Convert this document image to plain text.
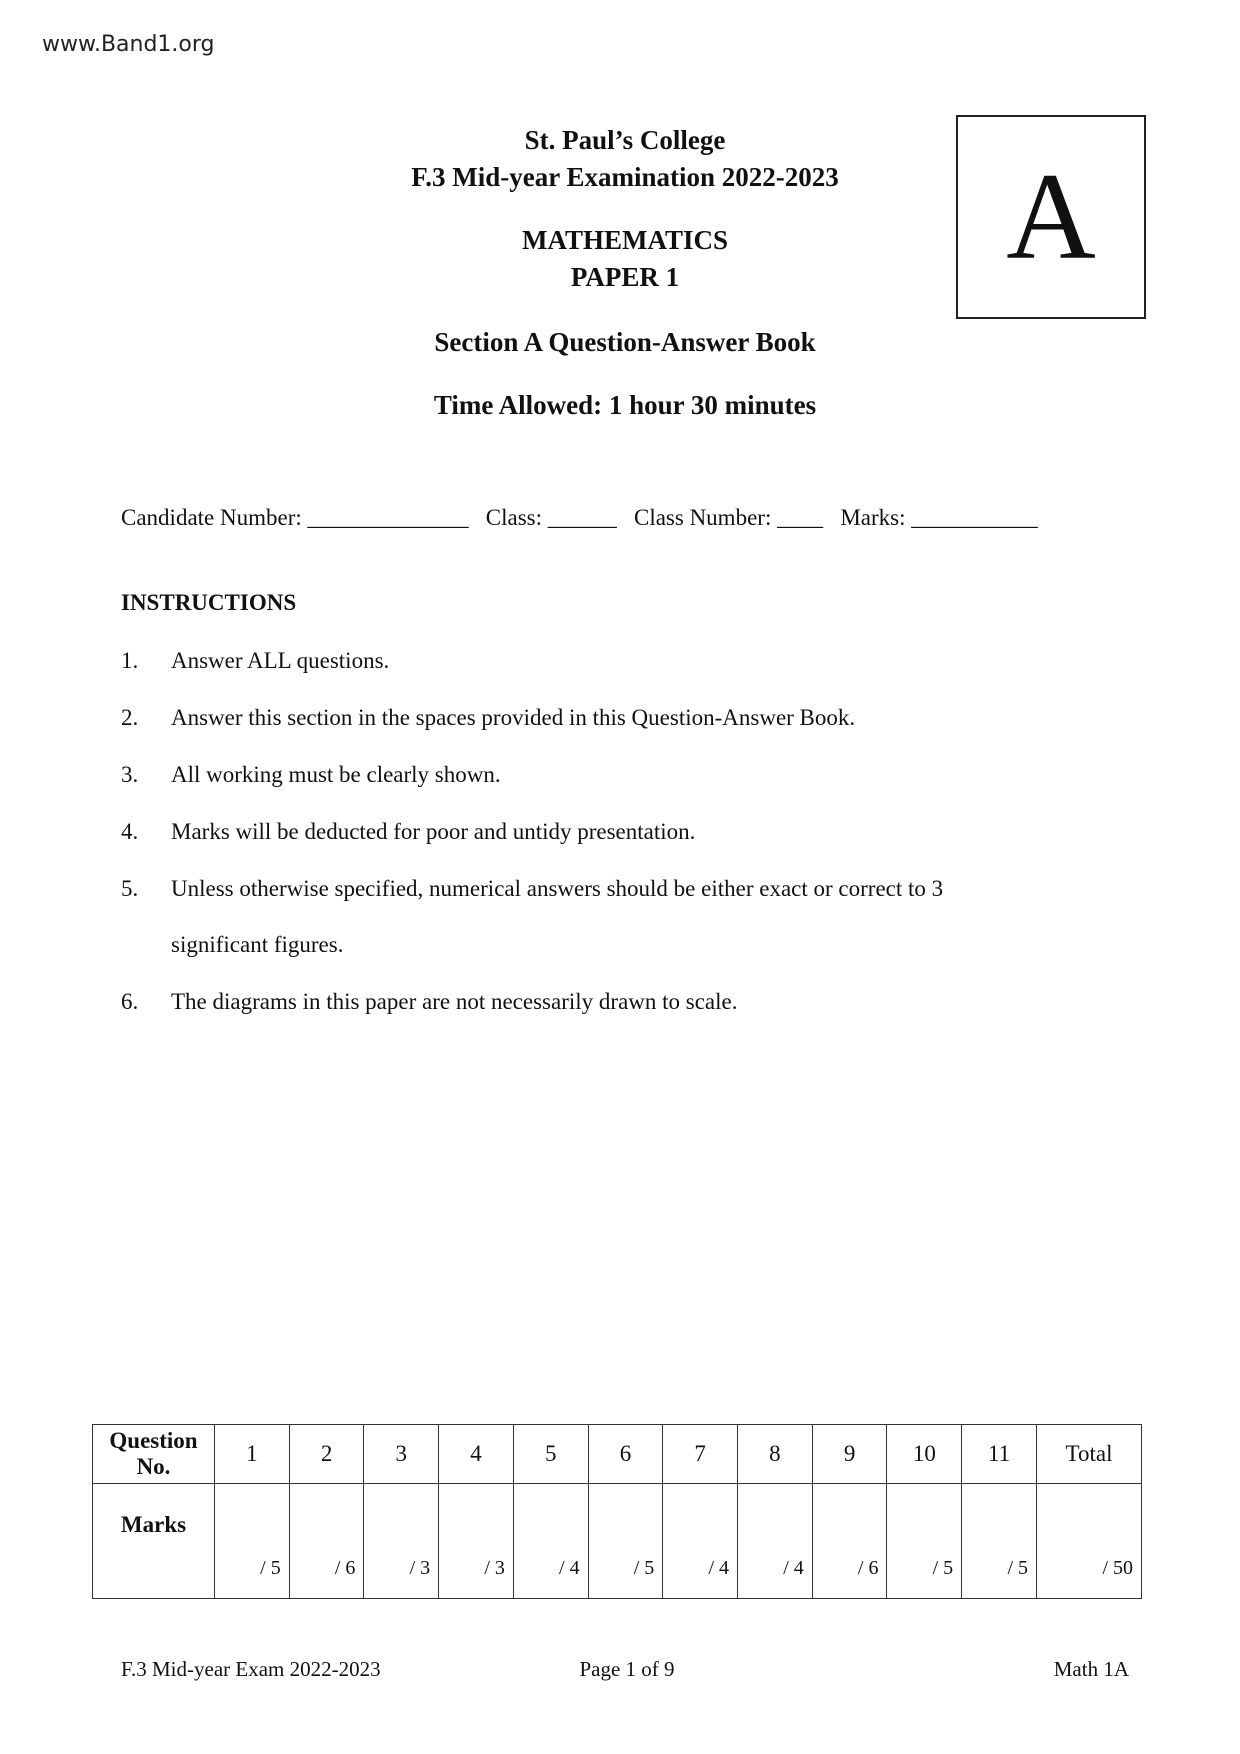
www.Band1.org
St. Paul’s College
F.3 Mid-year Examination 2022-2023
MATHEMATICS
PAPER 1
Section A Question-Answer Book
Time Allowed: 1 hour 30 minutes
A
Candidate Number: ______________   Class: ______   Class Number: ____   Marks: ___________
INSTRUCTIONS
1. Answer ALL questions.
2. Answer this section in the spaces provided in this Question-Answer Book.
3. All working must be clearly shown.
4. Marks will be deducted for poor and untidy presentation.
5. Unless otherwise specified, numerical answers should be either exact or correct to 3
significant figures.
6. The diagrams in this paper are not necessarily drawn to scale.
Question
No.	1	2	3	4	5	6	7	8	9	10	11	Total
Marks	/ 5	/ 6	/ 3	/ 3	/ 4	/ 5	/ 4	/ 4	/ 6	/ 5	/ 5	/ 50
F.3 Mid-year Exam 2022-2023	Page 1 of 9	Math 1A
